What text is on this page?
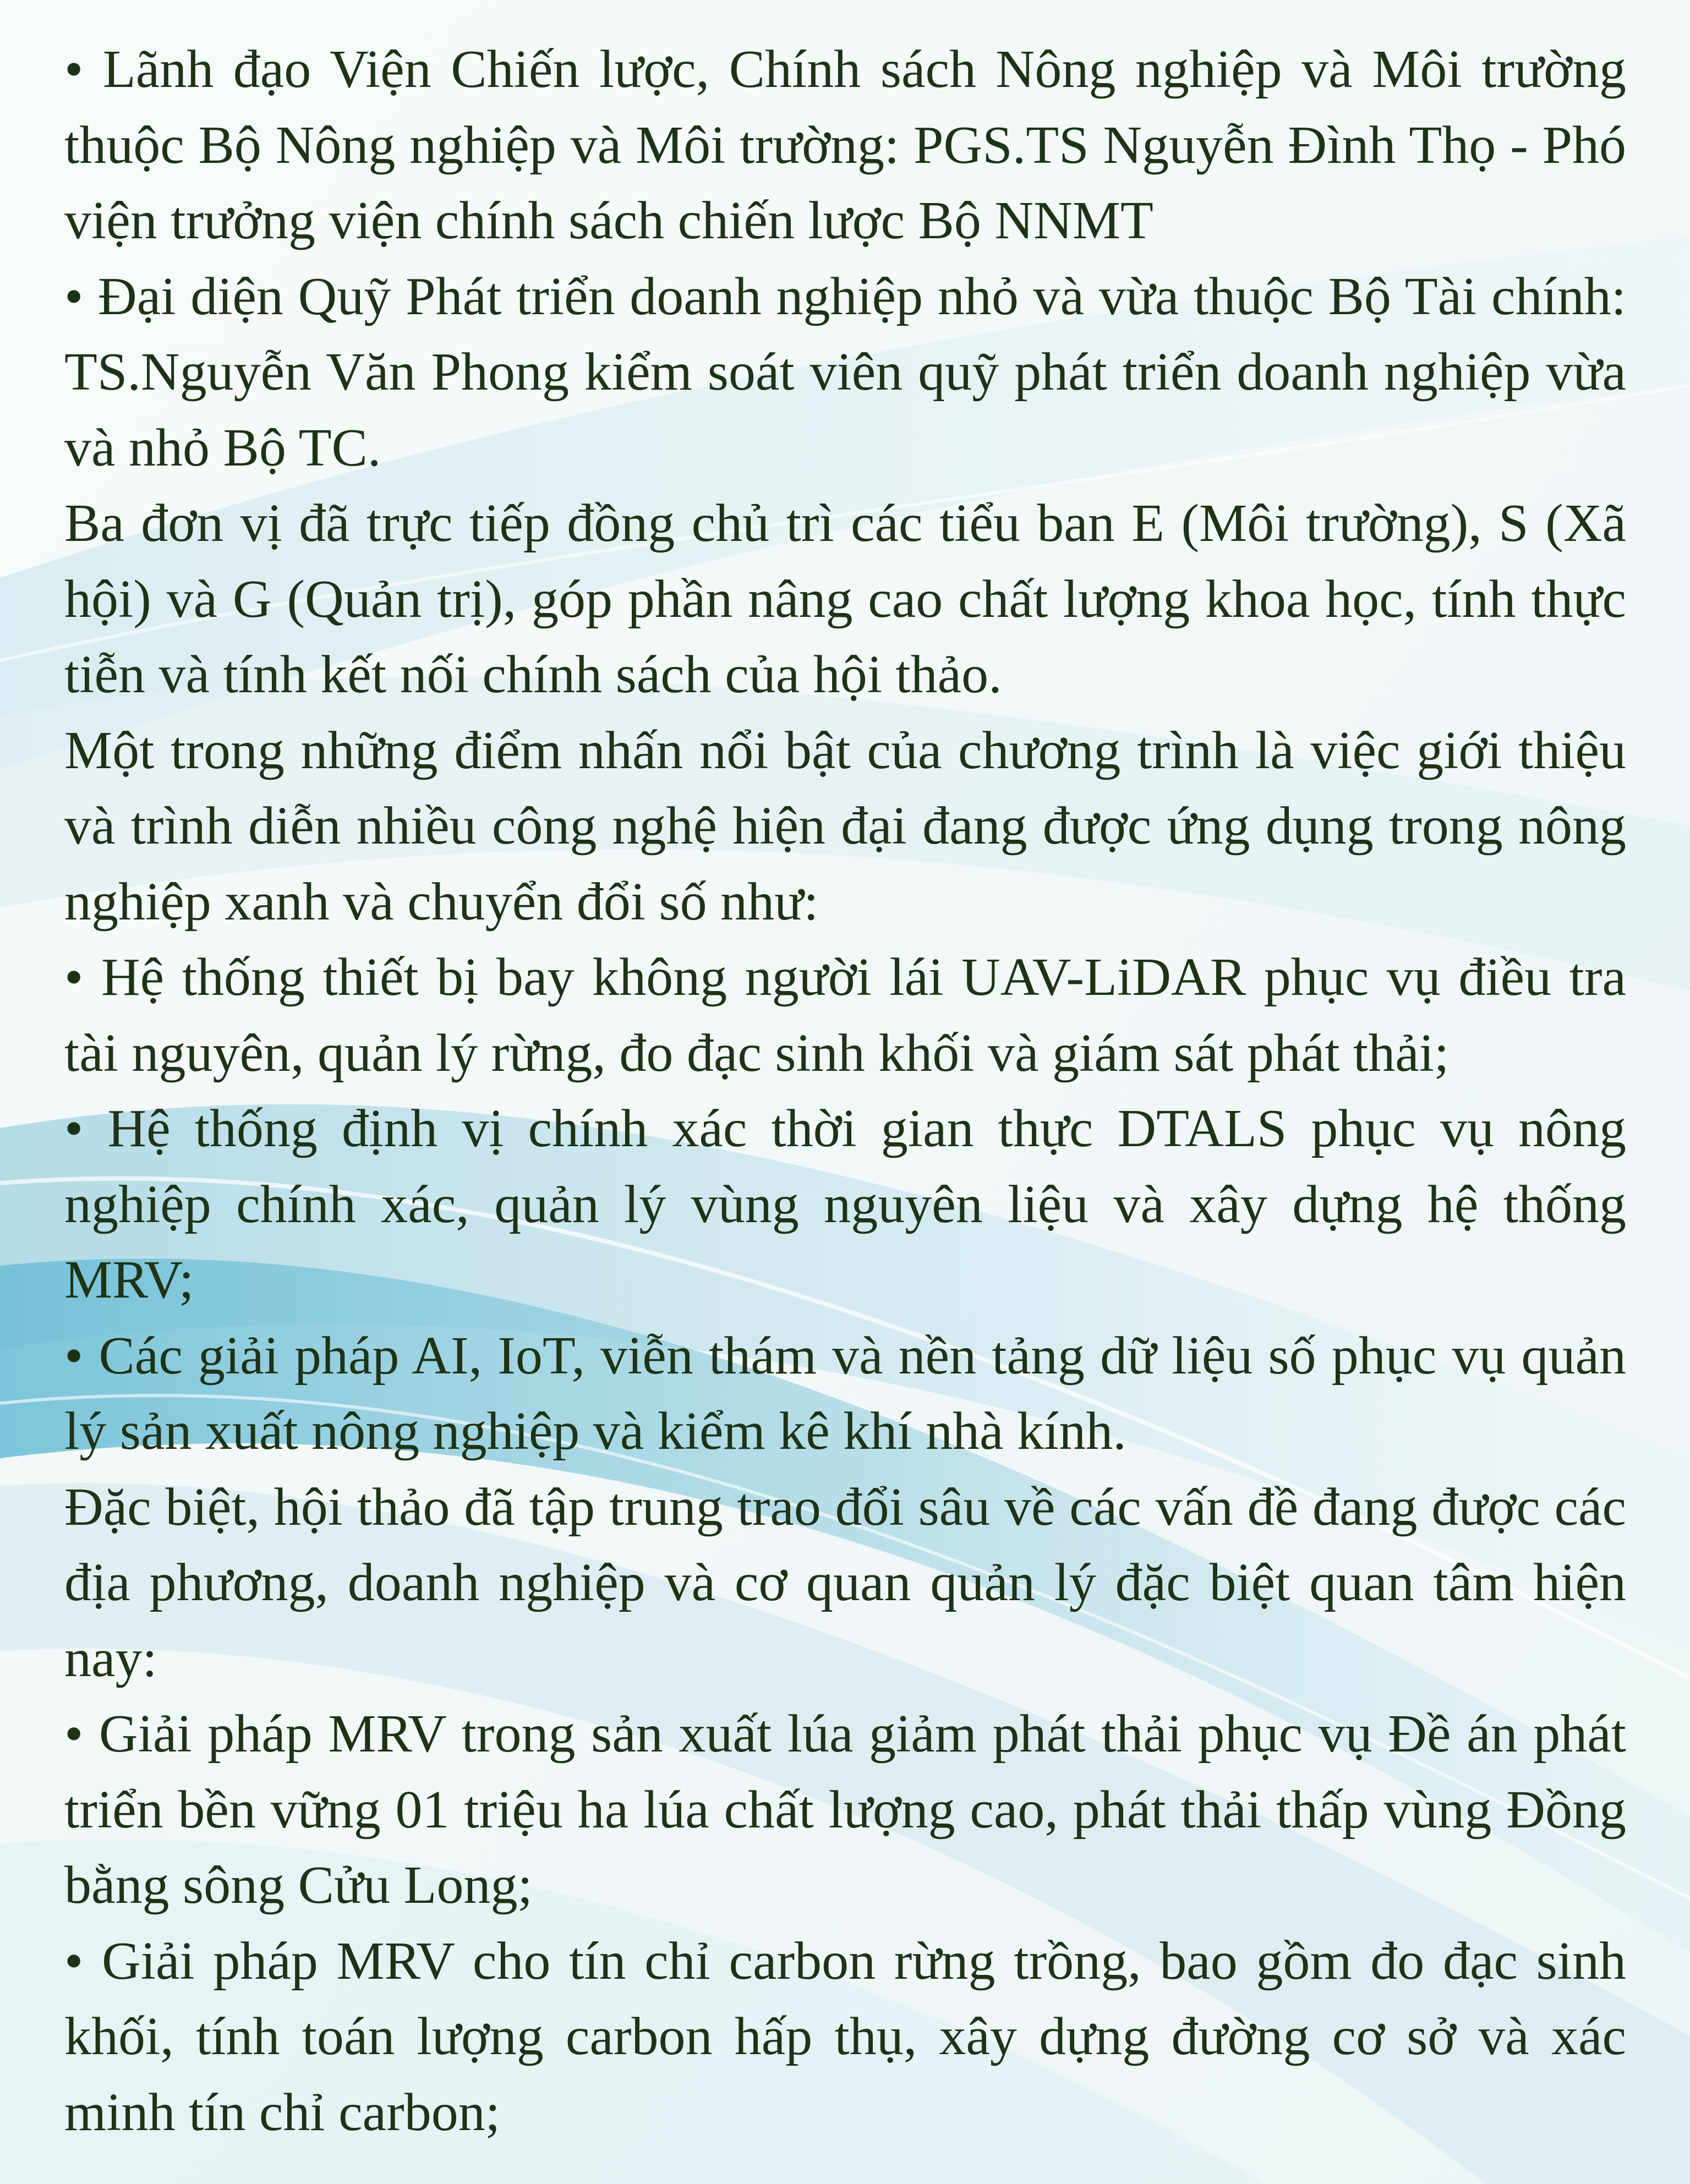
• Lãnh đạo Viện Chiến lược, Chính sách Nông nghiệp và Môi trường thuộc Bộ Nông nghiệp và Môi trường: PGS.TS Nguyễn Đình Thọ - Phó viện trưởng viện chính sách chiến lược Bộ NNMT

• Đại diện Quỹ Phát triển doanh nghiệp nhỏ và vừa thuộc Bộ Tài chính: TS.Nguyễn Văn Phong kiểm soát viên quỹ phát triển doanh nghiệp vừa và nhỏ Bộ TC.

Ba đơn vị đã trực tiếp đồng chủ trì các tiểu ban E (Môi trường), S (Xã hội) và G (Quản trị), góp phần nâng cao chất lượng khoa học, tính thực tiễn và tính kết nối chính sách của hội thảo.

Một trong những điểm nhấn nổi bật của chương trình là việc giới thiệu và trình diễn nhiều công nghệ hiện đại đang được ứng dụng trong nông nghiệp xanh và chuyển đổi số như:

• Hệ thống thiết bị bay không người lái UAV-LiDAR phục vụ điều tra tài nguyên, quản lý rừng, đo đạc sinh khối và giám sát phát thải;

• Hệ thống định vị chính xác thời gian thực DTALS phục vụ nông nghiệp chính xác, quản lý vùng nguyên liệu và xây dựng hệ thống MRV;

• Các giải pháp AI, IoT, viễn thám và nền tảng dữ liệu số phục vụ quản lý sản xuất nông nghiệp và kiểm kê khí nhà kính.

Đặc biệt, hội thảo đã tập trung trao đổi sâu về các vấn đề đang được các địa phương, doanh nghiệp và cơ quan quản lý đặc biệt quan tâm hiện nay:

• Giải pháp MRV trong sản xuất lúa giảm phát thải phục vụ Đề án phát triển bền vững 01 triệu ha lúa chất lượng cao, phát thải thấp vùng Đồng bằng sông Cửu Long;

• Giải pháp MRV cho tín chỉ carbon rừng trồng, bao gồm đo đạc sinh khối, tính toán lượng carbon hấp thụ, xây dựng đường cơ sở và xác minh tín chỉ carbon;
